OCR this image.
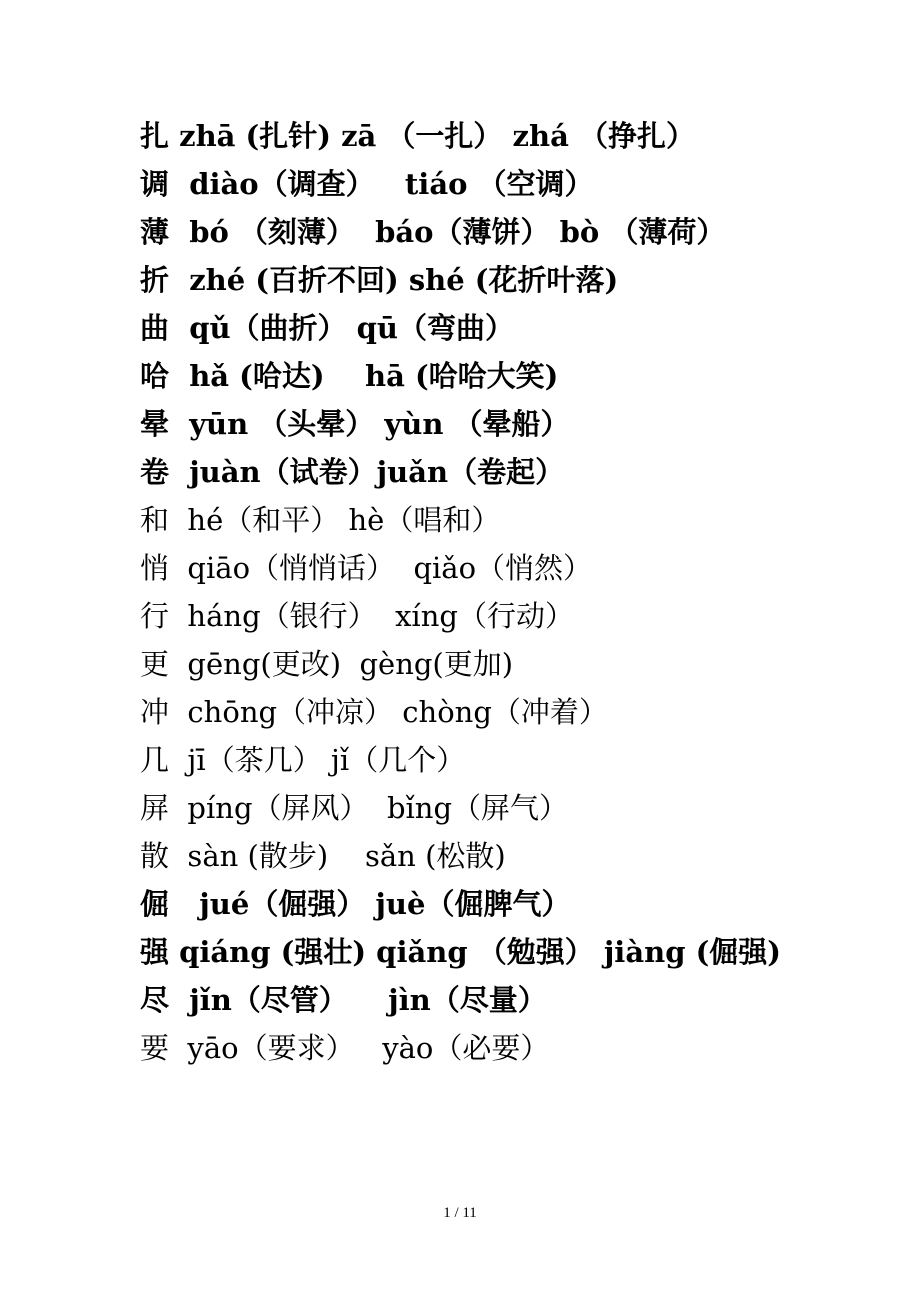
扎 zhā (扎针) zā （一扎） zhá （挣扎）
调  diào（调查）   tiáo （空调）
薄  bó （刻薄）  báo（薄饼） bò （薄荷）
折  zhé (百折不回) shé (花折叶落)
曲  qǔ（曲折） qū（弯曲）
哈  hǎ (哈达)    hā (哈哈大笑)
晕  yūn （头晕） yùn （晕船）
卷  juàn（试卷）juǎn（卷起）
和  hé（和平） hè（唱和）
悄  qiāo（悄悄话）  qiǎo（悄然）
行  háng（银行）  xíng（行动）
更  gēng(更改)  gèng(更加)
冲  chōng（冲凉） chòng（冲着）
几  jī（茶几） jǐ（几个）
屏  píng（屏风）  bǐng（屏气）
散  sàn (散步)    sǎn (松散)
倔   jué（倔强） juè（倔脾气）
强 qiáng (强壮) qiǎng （勉强） jiàng (倔强)
尽  jǐn（尽管）    jìn（尽量）
要  yāo（要求）   yào（必要）
1 / 11
